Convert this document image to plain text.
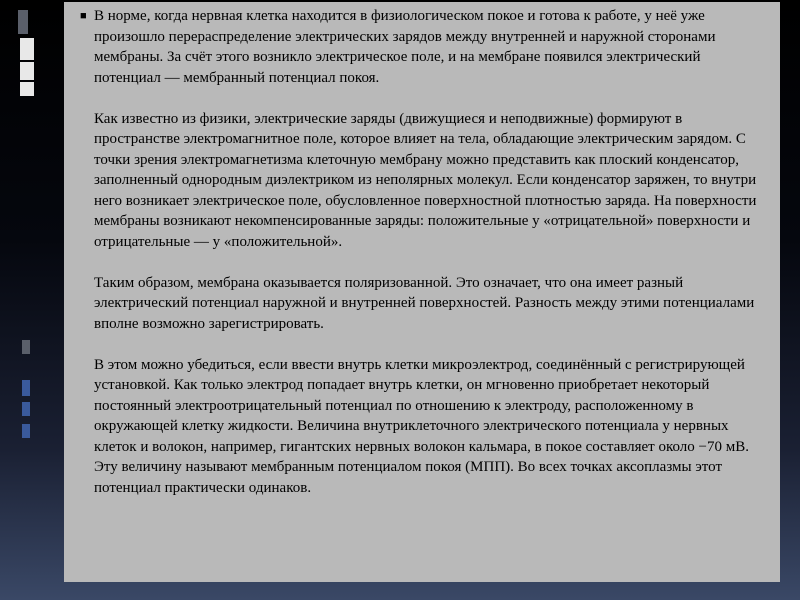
■ В норме, когда нервная клетка находится в физиологическом покое и готова к работе, у неё уже произошло перераспределение электрических зарядов между внутренней и наружной сторонами мембраны. За счёт этого возникло электрическое поле, и на мембране появился электрический потенциал — мембранный потенциал покоя.

Как известно из физики, электрические заряды (движущиеся и неподвижные) формируют в пространстве электромагнитное поле, которое влияет на тела, обладающие электрическим зарядом. С точки зрения электромагнетизма клеточную мембрану можно представить как плоский конденсатор, заполненный однородным диэлектриком из неполярных молекул. Если конденсатор заряжен, то внутри него возникает электрическое поле, обусловленное поверхностной плотностью заряда. На поверхности мембраны возникают некомпенсированные заряды: положительные у «отрицательной» поверхности и отрицательные — у «положительной».

Таким образом, мембрана оказывается поляризованной. Это означает, что она имеет разный электрический потенциал наружной и внутренней поверхностей. Разность между этими потенциалами вполне возможно зарегистрировать.

В этом можно убедиться, если ввести внутрь клетки микроэлектрод, соединённый с регистрирующей установкой. Как только электрод попадает внутрь клетки, он мгновенно приобретает некоторый постоянный электроотрицательный потенциал по отношению к электроду, расположенному в окружающей клетку жидкости. Величина внутриклеточного электрического потенциала у нервных клеток и волокон, например, гигантских нервных волокон кальмара, в покое составляет около −70 мВ. Эту величину называют мембранным потенциалом покоя (МПП). Во всех точках аксоплазмы этот потенциал практически одинаков.
